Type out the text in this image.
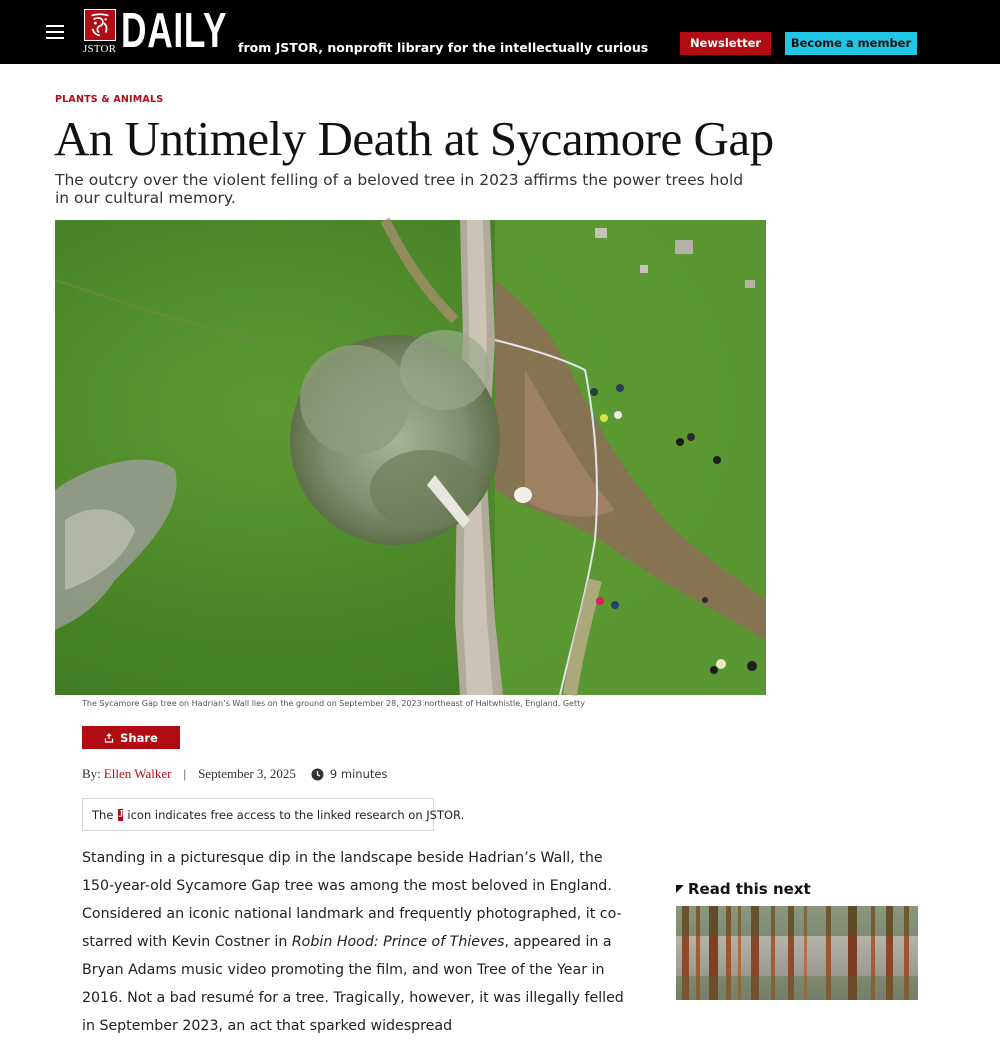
JSTOR DAILY from JSTOR, nonprofit library for the intellectually curious	Newsletter	Become a member
PLANTS & ANIMALS
An Untimely Death at Sycamore Gap
The outcry over the violent felling of a beloved tree in 2023 affirms the power trees hold in our cultural memory.
The Sycamore Gap tree on Hadrian’s Wall lies on the ground on September 28, 2023 northeast of Haltwhistle, England. Getty
Share
By: Ellen Walker | September 3, 2025	9 minutes
The J icon indicates free access to the linked research on JSTOR.

Standing in a picturesque dip in the landscape beside Hadrian’s Wall, the 150-year-old Sycamore Gap tree was among the most beloved in England. Considered an iconic national landmark and frequently photographed, it co-starred with Kevin Costner in Robin Hood: Prince of Thieves, appeared in a Bryan Adams music video promoting the film, and won Tree of the Year in 2016. Not a bad resumé for a tree. Tragically, however, it was illegally felled in September 2023, an act that sparked widespread

Read this next
